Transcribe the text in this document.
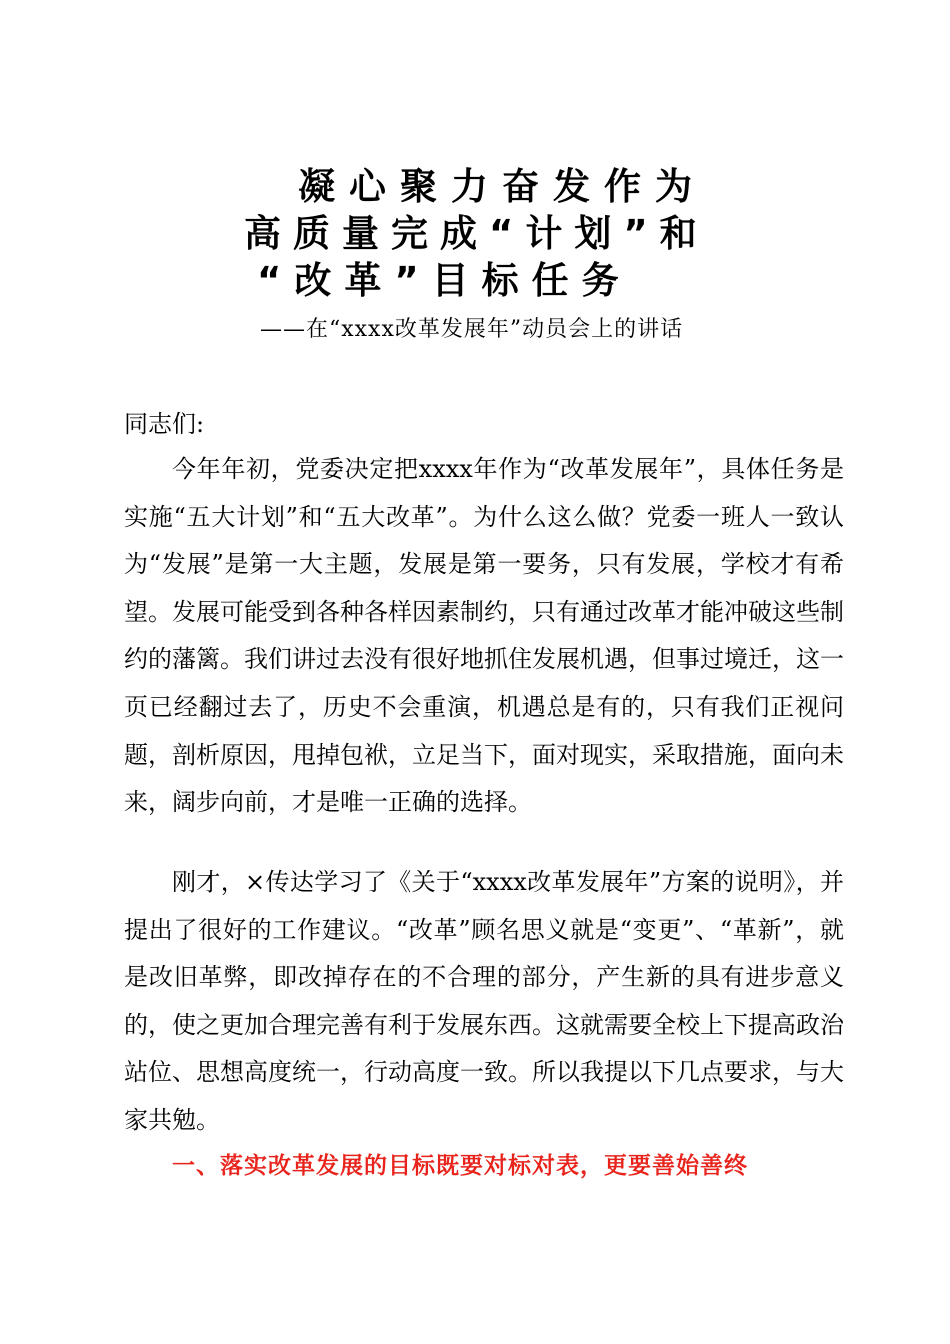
凝心聚力奋发作为
高质量完成“计划”和
“改革”目标任务
——在“xxxx改革发展年”动员会上的讲话
同志们:

今年年初，党委决定把xxxx年作为“改革发展年”，具体任务是实施“五大计划”和“五大改革”。为什么这么做？党委一班人一致认为“发展”是第一大主题，发展是第一要务，只有发展，学校才有希望。发展可能受到各种各样因素制约，只有通过改革才能冲破这些制约的藩篱。我们讲过去没有很好地抓住发展机遇，但事过境迁，这一页已经翻过去了，历史不会重演，机遇总是有的，只有我们正视问题，剖析原因，甩掉包袱，立足当下，面对现实，采取措施，面向未来，阔步向前，才是唯一正确的选择。

刚才，×传达学习了《关于“xxxx改革发展年”方案的说明》，并提出了很好的工作建议。“改革”顾名思义就是“变更”、“革新”，就是改旧革弊，即改掉存在的不合理的部分，产生新的具有进步意义的，使之更加合理完善有利于发展东西。这就需要全校上下提高政治站位、思想高度统一，行动高度一致。所以我提以下几点要求，与大家共勉。

一、落实改革发展的目标既要对标对表，更要善始善终
